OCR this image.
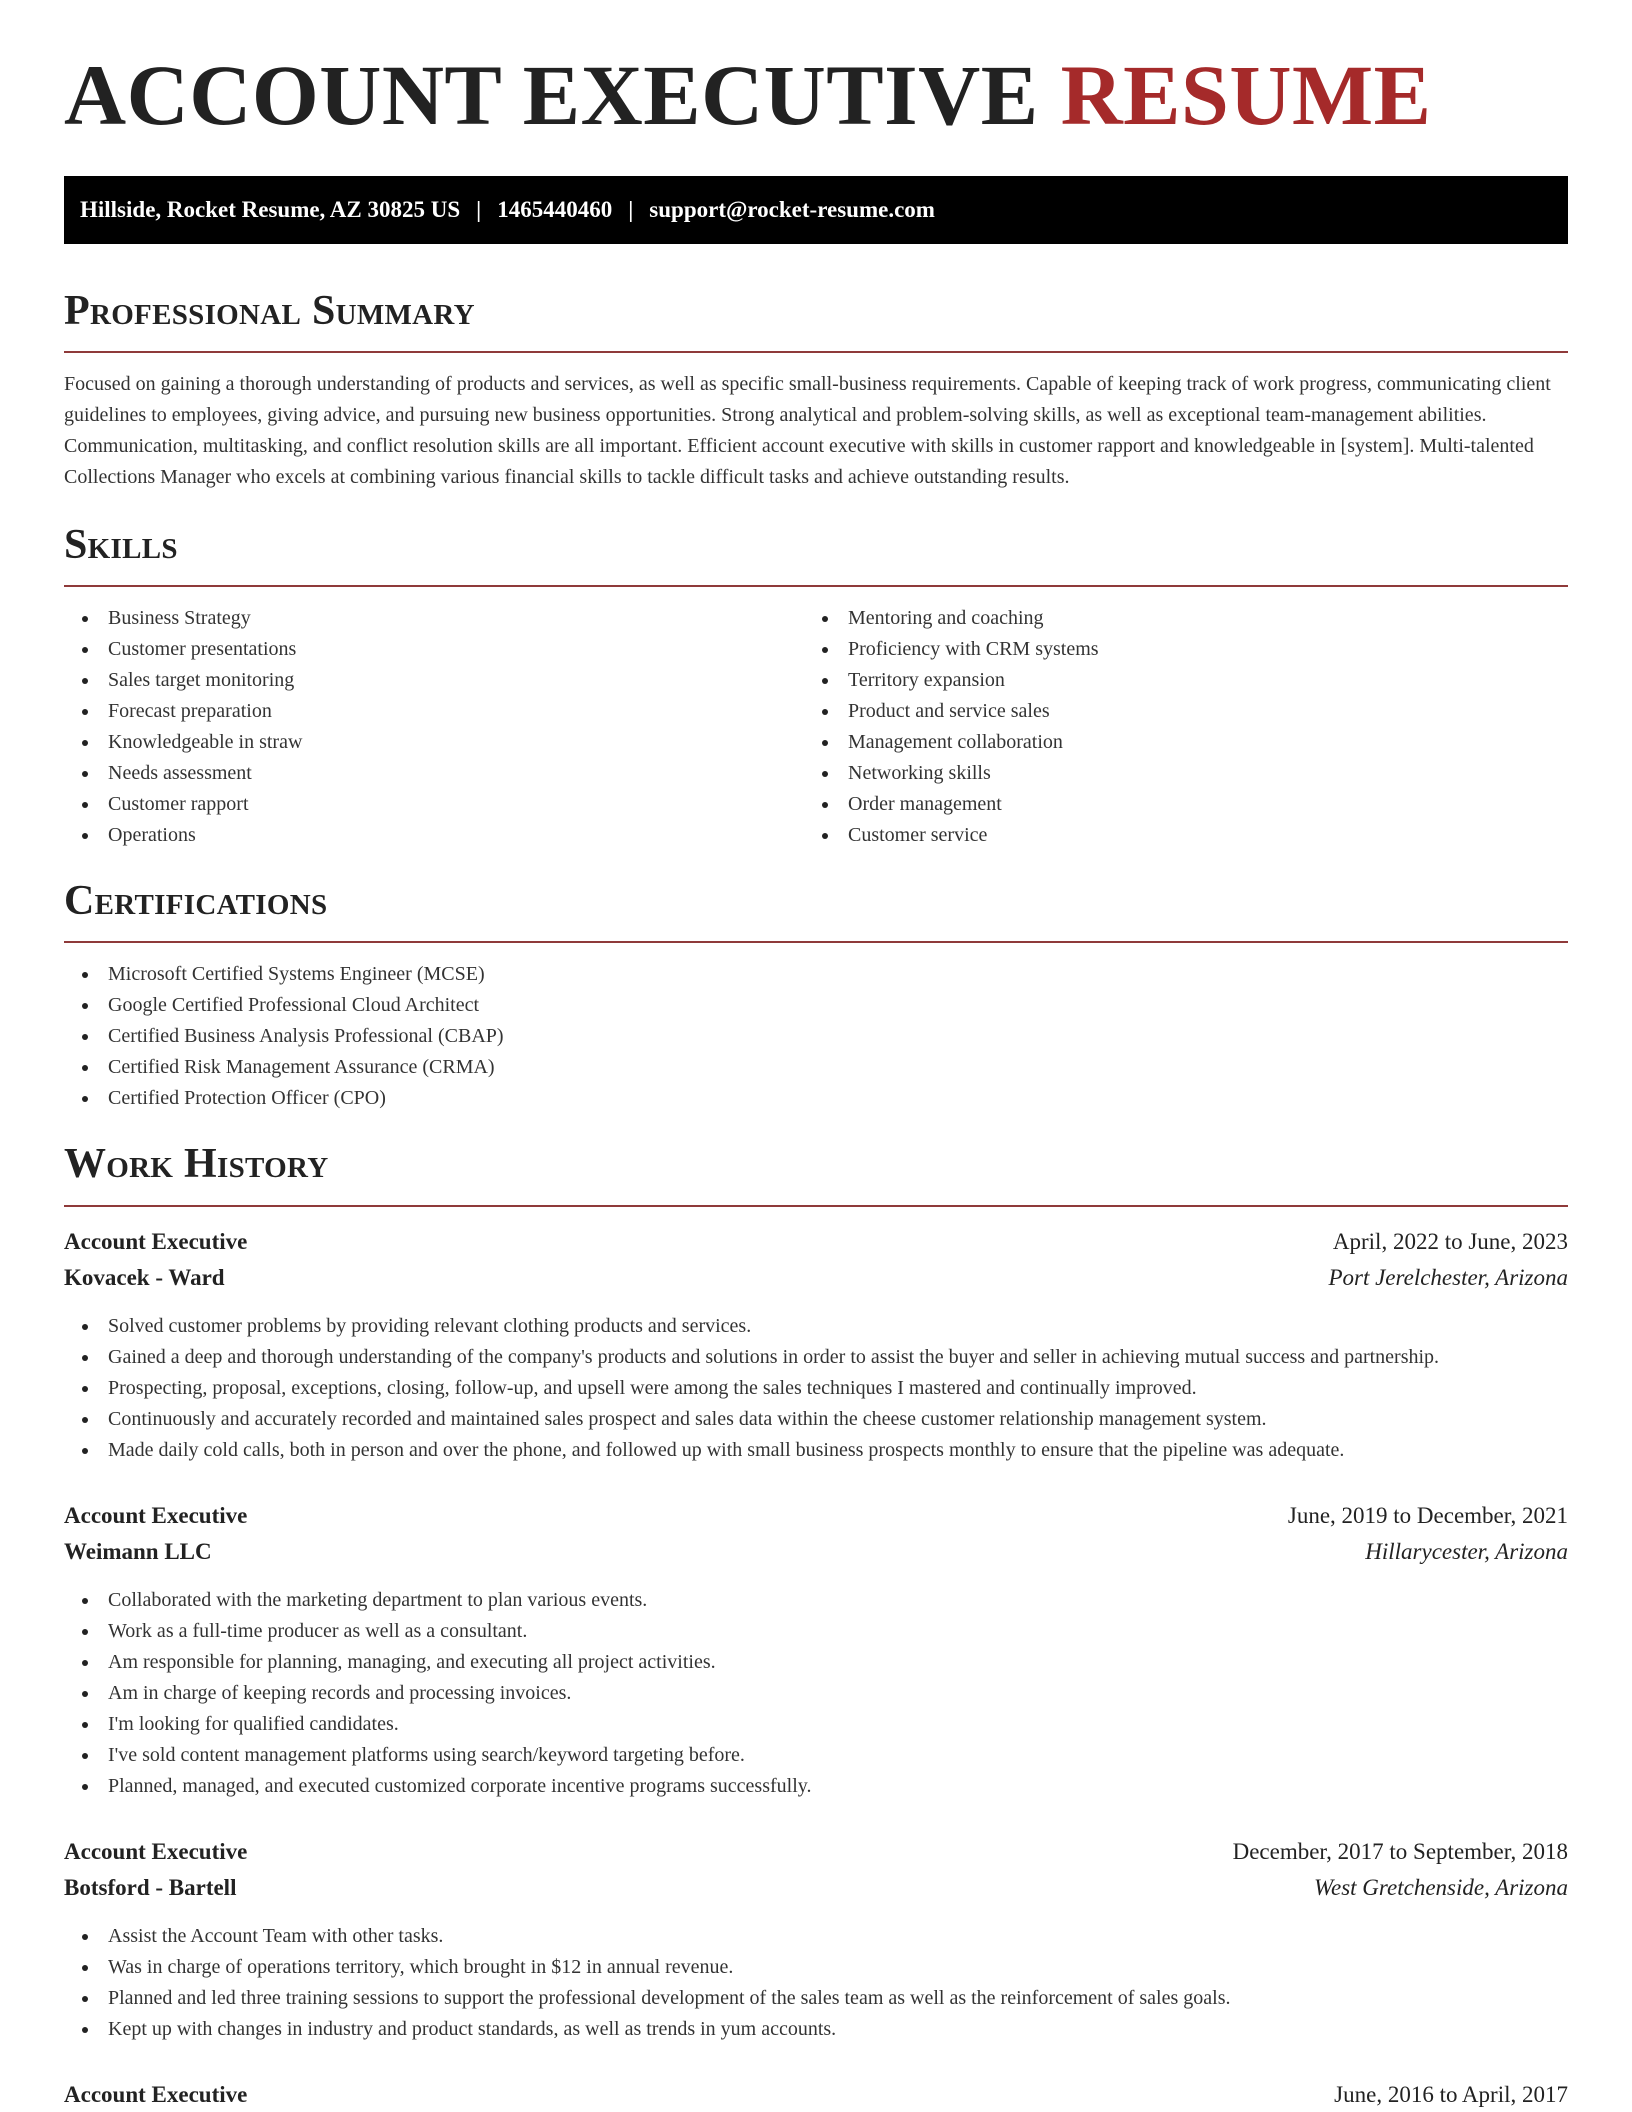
ACCOUNT EXECUTIVE RESUME
Hillside, Rocket Resume, AZ 30825 US | 1465440460 | support@rocket-resume.com
Professional Summary

Focused on gaining a thorough understanding of products and services, as well as specific small-business requirements. Capable of keeping track of work progress, communicating client guidelines to employees, giving advice, and pursuing new business opportunities. Strong analytical and problem-solving skills, as well as exceptional team-management abilities. Communication, multitasking, and conflict resolution skills are all important. Efficient account executive with skills in customer rapport and knowledgeable in [system]. Multi-talented Collections Manager who excels at combining various financial skills to tackle difficult tasks and achieve outstanding results.

Skills
Business Strategy
Customer presentations
Sales target monitoring
Forecast preparation
Knowledgeable in straw
Needs assessment
Customer rapport
Operations
Mentoring and coaching
Proficiency with CRM systems
Territory expansion
Product and service sales
Management collaboration
Networking skills
Order management
Customer service
Certifications
Microsoft Certified Systems Engineer (MCSE)
Google Certified Professional Cloud Architect
Certified Business Analysis Professional (CBAP)
Certified Risk Management Assurance (CRMA)
Certified Protection Officer (CPO)
Work History
Account Executive	April, 2022 to June, 2023
Kovacek - Ward	Port Jerelchester, Arizona
Solved customer problems by providing relevant clothing products and services.
Gained a deep and thorough understanding of the company's products and solutions in order to assist the buyer and seller in achieving mutual success and partnership.
Prospecting, proposal, exceptions, closing, follow-up, and upsell were among the sales techniques I mastered and continually improved.
Continuously and accurately recorded and maintained sales prospect and sales data within the cheese customer relationship management system.
Made daily cold calls, both in person and over the phone, and followed up with small business prospects monthly to ensure that the pipeline was adequate.
Account Executive	June, 2019 to December, 2021
Weimann LLC	Hillarycester, Arizona
Collaborated with the marketing department to plan various events.
Work as a full-time producer as well as a consultant.
Am responsible for planning, managing, and executing all project activities.
Am in charge of keeping records and processing invoices.
I'm looking for qualified candidates.
I've sold content management platforms using search/keyword targeting before.
Planned, managed, and executed customized corporate incentive programs successfully.
Account Executive	December, 2017 to September, 2018
Botsford - Bartell	West Gretchenside, Arizona
Assist the Account Team with other tasks.
Was in charge of operations territory, which brought in $12 in annual revenue.
Planned and led three training sessions to support the professional development of the sales team as well as the reinforcement of sales goals.
Kept up with changes in industry and product standards, as well as trends in yum accounts.
Account Executive	June, 2016 to April, 2017
